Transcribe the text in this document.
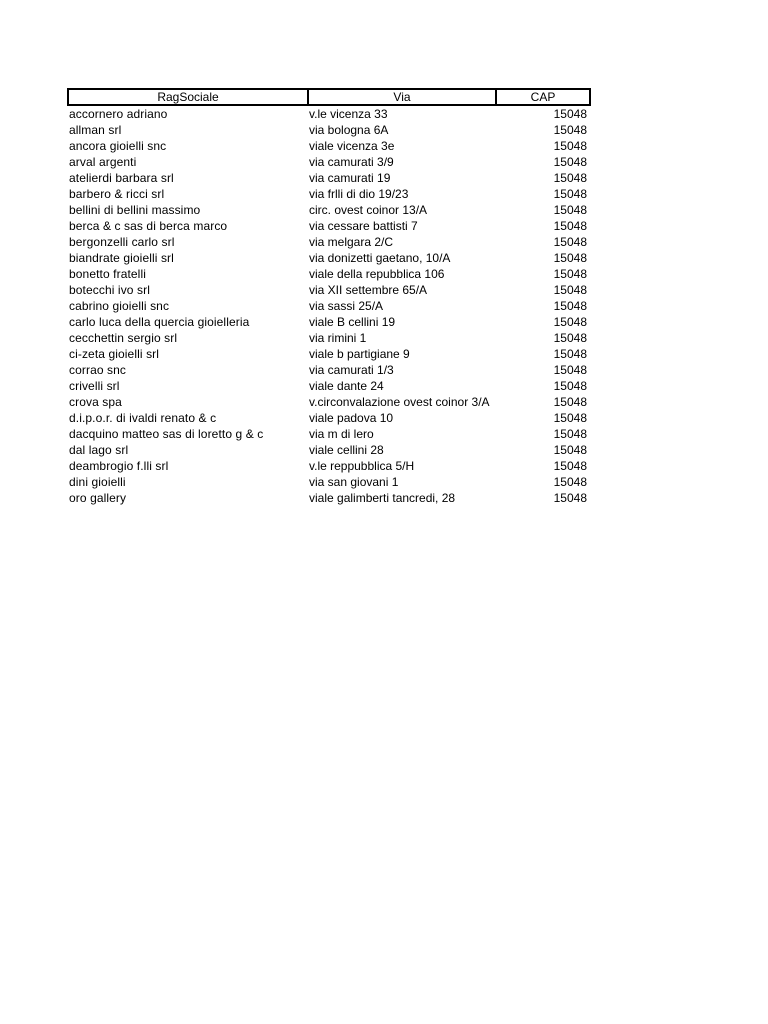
RagSociale	Via	CAP
accornero adriano	v.le vicenza 33	15048
allman srl	via bologna 6A	15048
ancora gioielli snc	viale vicenza 3e	15048
arval argenti	via camurati 3/9	15048
atelierdi barbara srl	via camurati 19	15048
barbero & ricci srl	via frlli di dio 19/23	15048
bellini di bellini massimo	circ. ovest coinor 13/A	15048
berca & c sas di berca marco	via cessare battisti 7	15048
bergonzelli carlo srl	via melgara 2/C	15048
biandrate gioielli srl	via donizetti gaetano, 10/A	15048
bonetto fratelli	viale della repubblica 106	15048
botecchi ivo srl	via XII settembre 65/A	15048
cabrino gioielli snc	via sassi 25/A	15048
carlo luca della quercia gioielleria	viale B cellini 19	15048
cecchettin sergio srl	via rimini 1	15048
ci-zeta gioielli srl	viale b partigiane 9	15048
corrao snc	via camurati 1/3	15048
crivelli srl	viale dante 24	15048
crova spa	v.circonvalazione ovest coinor 3/A	15048
d.i.p.o.r. di ivaldi renato & c	viale padova 10	15048
dacquino matteo sas di loretto g & c	via m di lero	15048
dal lago srl	viale cellini 28	15048
deambrogio f.lli srl	v.le reppubblica 5/H	15048
dini gioielli	via san giovani 1	15048
oro gallery	viale galimberti tancredi, 28	15048
